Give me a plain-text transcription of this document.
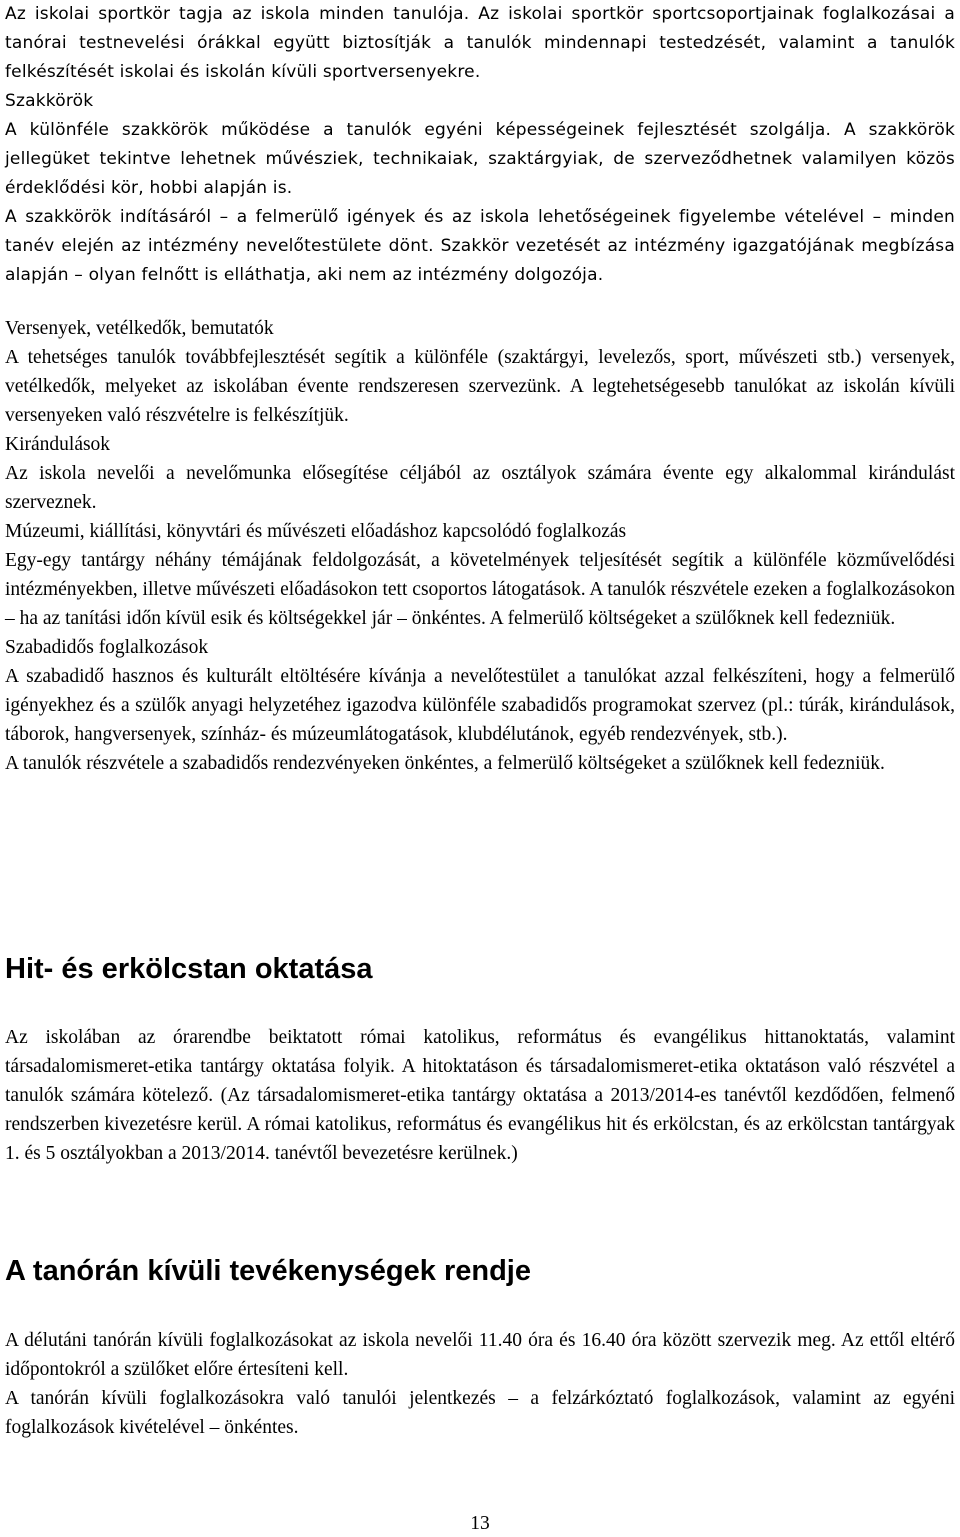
Az iskolai sportkör tagja az iskola minden tanulója. Az iskolai sportkör sportcsoportjainak foglalkozásai a tanórai testnevelési órákkal együtt biztosítják a tanulók mindennapi testedzését, valamint a tanulók felkészítését iskolai és iskolán kívüli sportversenyekre.

Szakkörök

A különféle szakkörök működése a tanulók egyéni képességeinek fejlesztését szolgálja. A szakkörök jellegüket tekintve lehetnek művésziek, technikaiak, szaktárgyiak, de szerveződhetnek valamilyen közös érdeklődési kör, hobbi alapján is.

A szakkörök indításáról – a felmerülő igények és az iskola lehetőségeinek figyelembe vételével – minden tanév elején az intézmény nevelőtestülete dönt. Szakkör vezetését az intézmény igazgatójának megbízása alapján – olyan felnőtt is elláthatja, aki nem az intézmény dolgozója.

Versenyek, vetélkedők, bemutatók

A tehetséges tanulók továbbfejlesztését segítik a különféle (szaktárgyi, levelezős, sport, művészeti stb.) versenyek, vetélkedők, melyeket az iskolában évente rendszeresen szervezünk. A legtehetségesebb tanulókat az iskolán kívüli versenyeken való részvételre is felkészítjük.

Kirándulások

Az iskola nevelői a nevelőmunka elősegítése céljából az osztályok számára évente egy alkalommal kirándulást szerveznek.

Múzeumi, kiállítási, könyvtári és művészeti előadáshoz kapcsolódó foglalkozás

Egy-egy tantárgy néhány témájának feldolgozását, a követelmények teljesítését segítik a különféle közművelődési intézményekben, illetve művészeti előadásokon tett csoportos látogatások. A tanulók részvétele ezeken a foglalkozásokon – ha az tanítási időn kívül esik és költségekkel jár – önkéntes. A felmerülő költségeket a szülőknek kell fedezniük.

Szabadidős foglalkozások

A szabadidő hasznos és kulturált eltöltésére kívánja a nevelőtestület a tanulókat azzal felkészíteni, hogy a felmerülő igényekhez és a szülők anyagi helyzetéhez igazodva különféle szabadidős programokat szervez (pl.: túrák, kirándulások, táborok, hangversenyek, színház- és múzeumlátogatások, klubdélutánok, egyéb rendezvények, stb.).

A tanulók részvétele a szabadidős rendezvényeken önkéntes, a felmerülő költségeket a szülőknek kell fedezniük.

Hit- és erkölcstan oktatása

Az iskolában az órarendbe beiktatott római katolikus, református és evangélikus hittanoktatás, valamint társadalomismeret-etika tantárgy oktatása folyik. A hitoktatáson és társadalomismeret-etika oktatáson való részvétel a tanulók számára kötelező. (Az társadalomismeret-etika tantárgy oktatása a 2013/2014-es tanévtől kezdődően, felmenő rendszerben kivezetésre kerül. A római katolikus, református és evangélikus hit és erkölcstan, és az erkölcstan tantárgyak 1. és 5 osztályokban a 2013/2014. tanévtől bevezetésre kerülnek.)

A tanórán kívüli tevékenységek rendje

A délutáni tanórán kívüli foglalkozásokat az iskola nevelői 11.40 óra és 16.40 óra között szervezik meg. Az ettől eltérő időpontokról a szülőket előre értesíteni kell.

A tanórán kívüli foglalkozásokra való tanulói jelentkezés – a felzárkóztató foglalkozások, valamint az egyéni foglalkozások kivételével – önkéntes.

13
